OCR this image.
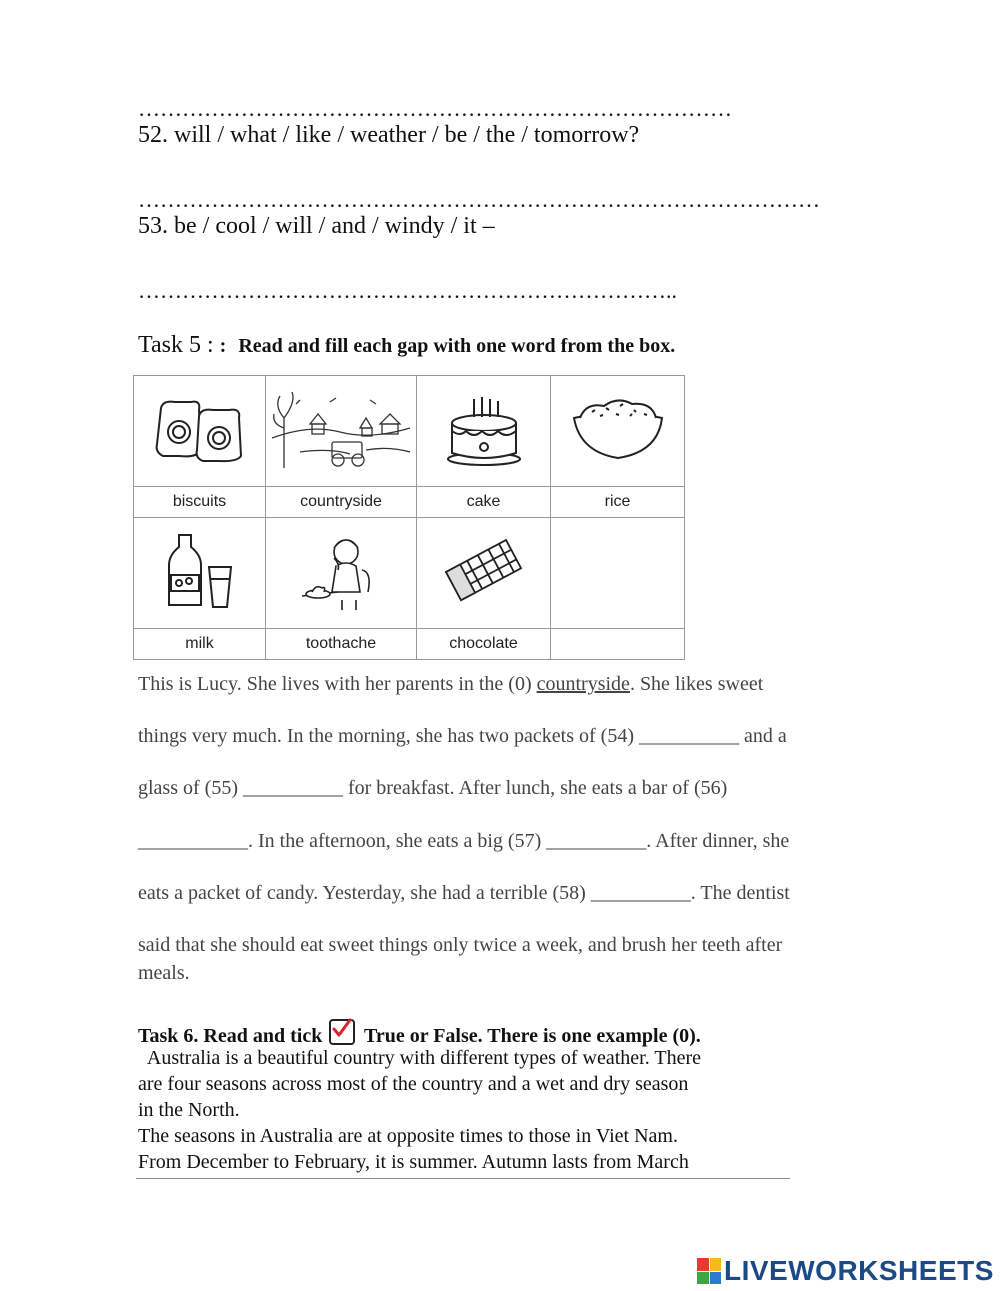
………………………………………………………………………
52. will / what / like / weather / be / the / tomorrow?
…………………………………………………………………………………
53. be / cool / will / and / windy / it –
………………………………………………………………..
Task 5 : : Read and fill each gap with one word from the box.

biscuits	countryside	cake	rice

milk	toothache	chocolate	
This is Lucy. She lives with her parents in the (0) countryside. She likes sweet
things very much. In the morning, she has two packets of (54) __________ and a
glass of (55) __________ for breakfast. After lunch, she eats a bar of (56)
___________. In the afternoon, she eats a big (57) __________. After dinner, she
eats a packet of candy. Yesterday, she had a terrible (58) __________. The dentist
said that she should eat sweet things only twice a week, and brush her teeth after
meals.
Task 6. Read and tick
True or False. There is one example (0).
Australia is a beautiful country with different types of weather. There
are four seasons across most of the country and a wet and dry season
in the North.
The seasons in Australia are at opposite times to those in Viet Nam.
From December to February, it is summer. Autumn lasts from March
LIVEWORKSHEETS
